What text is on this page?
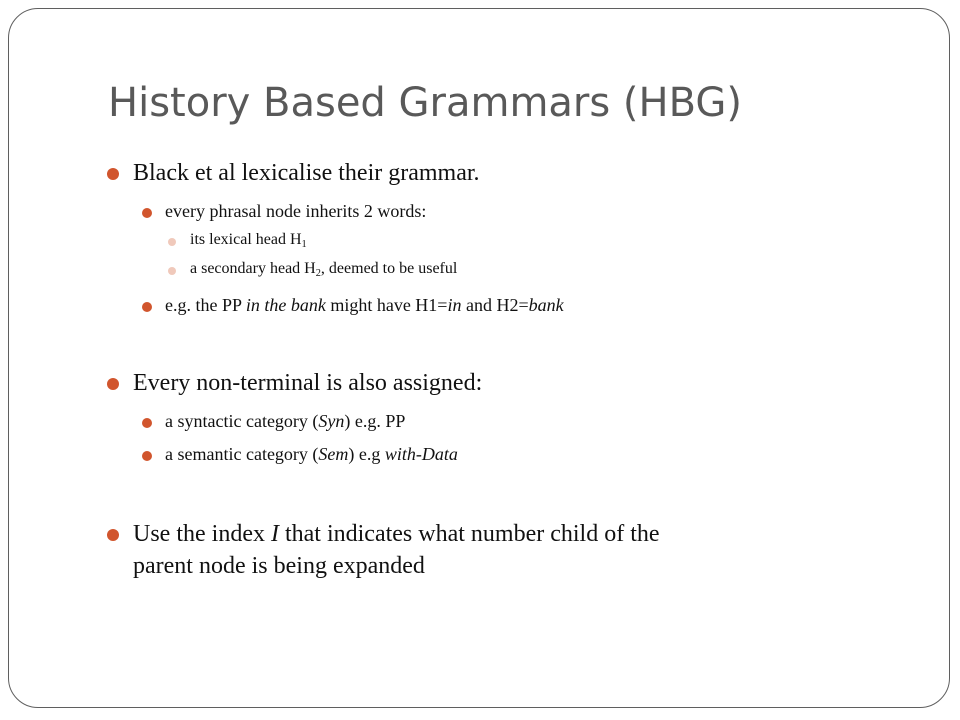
History Based Grammars (HBG)
Black et al lexicalise their grammar.
every phrasal node inherits 2 words:
its lexical head $H_1$
a secondary head $H_2$, deemed to be useful
e.g. the PP in the bank might have H1=in and H2=bank
Every non-terminal is also assigned:
a syntactic category (Syn) e.g. PP
a semantic category (Sem) e.g with-Data
Use the index I that indicates what number child of the
parent node is being expanded
